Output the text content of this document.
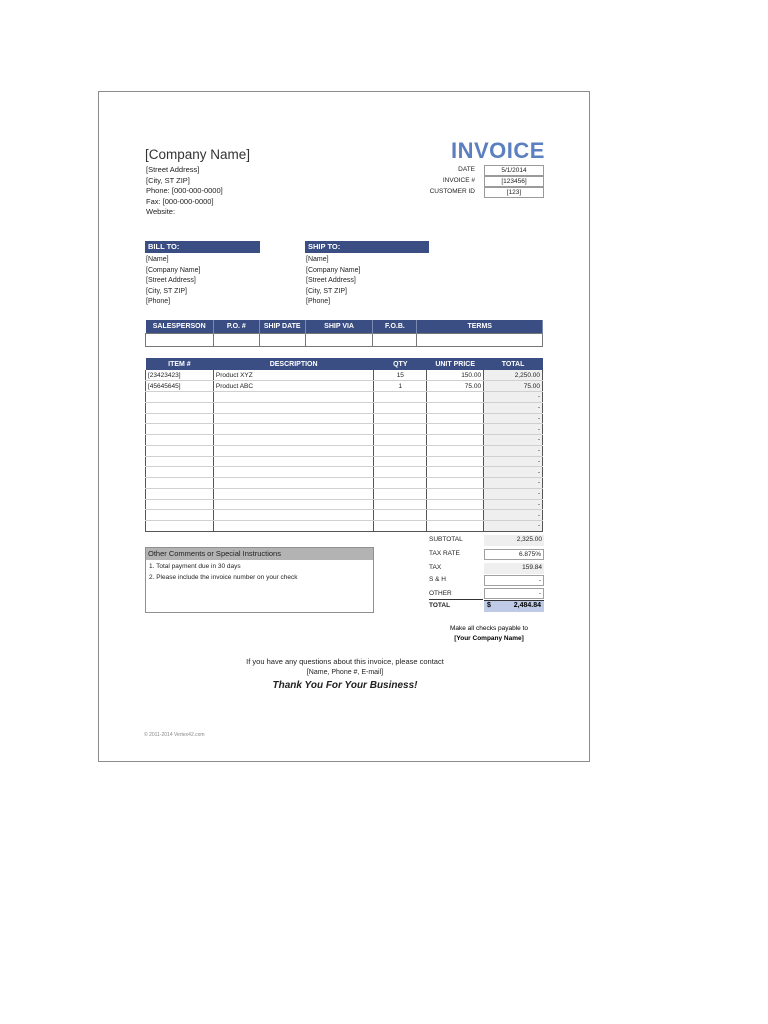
[Company Name]
[Street Address]
[City, ST ZIP]
Phone: [000-000-0000]
Fax: [000-000-0000]
Website:
INVOICE
DATE	5/1/2014
INVOICE #	[123456]
CUSTOMER ID	[123]
BILL TO:
[Name]
[Company Name]
[Street Address]
[City, ST ZIP]
[Phone]
SHIP TO:
[Name]
[Company Name]
[Street Address]
[City, ST ZIP]
[Phone]
SALESPERSON	P.O. #	SHIP DATE	SHIP VIA	F.O.B.	TERMS

ITEM #	DESCRIPTION	QTY	UNIT PRICE	TOTAL
[23423423]	Product XYZ	15	150.00	2,250.00
[45645645]	Product ABC	1	75.00	75.00
				-
				-
				-
				-
				-
				-
				-
				-
				-
				-
				-
				-
				-
Other Comments or Special Instructions
1. Total payment due in 30 days
2. Please include the invoice number on your check
SUBTOTAL	2,325.00
TAX RATE	6.875%
TAX	159.84
S & H	-
OTHER	-
TOTAL	$	2,484.84
Make all checks payable to
[Your Company Name]
If you have any questions about this invoice, please contact
[Name, Phone #, E-mail]
Thank You For Your Business!
© 2011-2014 Vertex42.com
